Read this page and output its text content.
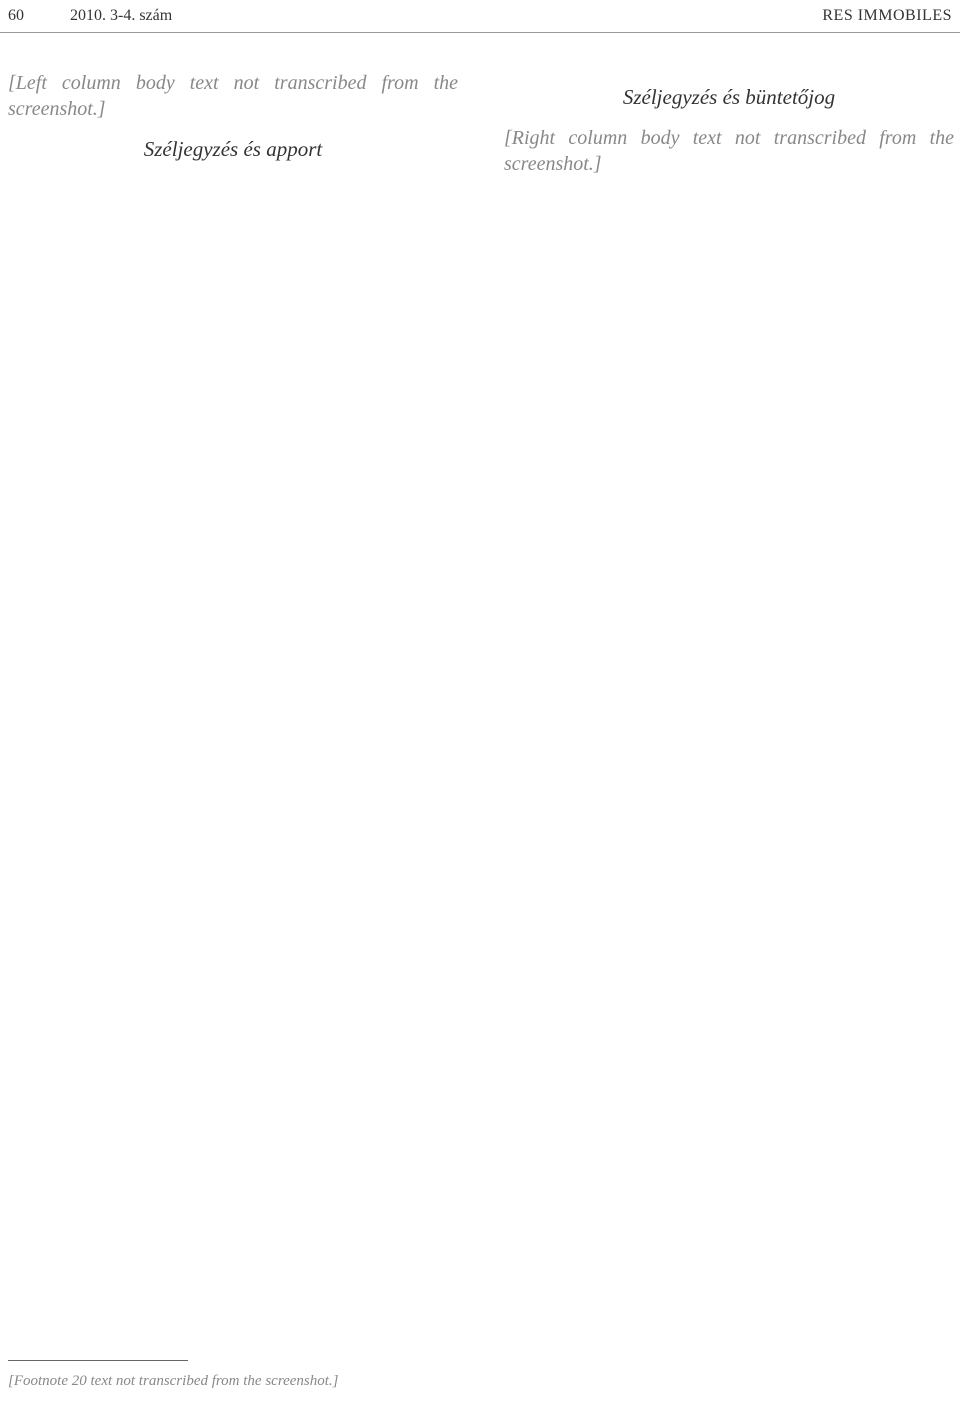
60	2010. 3-4. szám	RES IMMOBILES

[Left column body text not transcribed from the screenshot.]

Széljegyzés és apport
Széljegyzés és büntetőjog

[Right column body text not transcribed from the screenshot.]

[Footnote 20 text not transcribed from the screenshot.]
